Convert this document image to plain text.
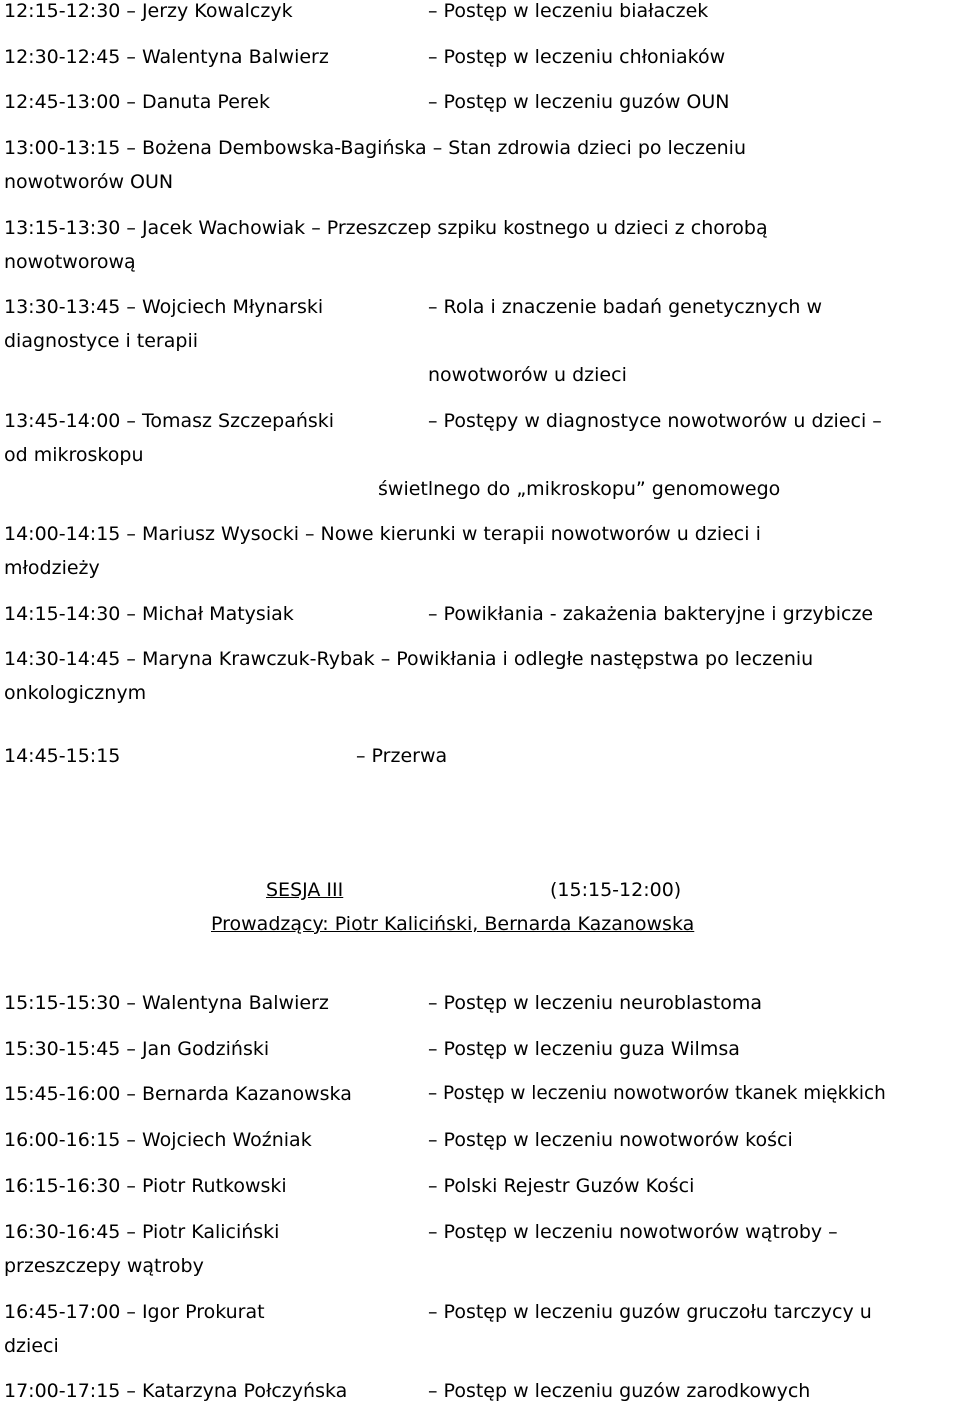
12:15-12:30 – Jerzy Kowalczyk	– Postęp w leczeniu białaczek
12:30-12:45 – Walentyna Balwierz	– Postęp w leczeniu chłoniaków
12:45-13:00 – Danuta Perek	– Postęp w leczeniu guzów OUN
13:00-13:15 – Bożena Dembowska-Bagińska – Stan zdrowia dzieci po leczeniu
nowotworów OUN
13:15-13:30 – Jacek Wachowiak – Przeszczep szpiku kostnego u dzieci z chorobą
nowotworową
13:30-13:45 – Wojciech Młynarski	– Rola i znaczenie badań genetycznych w
diagnostyce i terapii
nowotworów u dzieci
13:45-14:00 – Tomasz Szczepański	– Postępy w diagnostyce nowotworów u dzieci –
od mikroskopu
świetlnego do „mikroskopu” genomowego
14:00-14:15 – Mariusz Wysocki – Nowe kierunki w terapii nowotworów u dzieci i
młodzieży
14:15-14:30 – Michał Matysiak	– Powikłania - zakażenia bakteryjne i grzybicze
14:30-14:45 – Maryna Krawczuk-Rybak – Powikłania i odległe następstwa po leczeniu
onkologicznym
14:45-15:15	– Przerwa
SESJA III	(15:15-12:00)
Prowadzący: Piotr Kaliciński, Bernarda Kazanowska
15:15-15:30 – Walentyna Balwierz	– Postęp w leczeniu neuroblastoma
15:30-15:45 – Jan Godziński	– Postęp w leczeniu guza Wilmsa
15:45-16:00 – Bernarda Kazanowska	– Postęp w leczeniu nowotworów tkanek miękkich
16:00-16:15 – Wojciech Woźniak	– Postęp w leczeniu nowotworów kości
16:15-16:30 – Piotr Rutkowski	– Polski Rejestr Guzów Kości
16:30-16:45 – Piotr Kaliciński	– Postęp w leczeniu nowotworów wątroby –
przeszczepy wątroby
16:45-17:00 – Igor Prokurat	– Postęp w leczeniu guzów gruczołu tarczycy u
dzieci
17:00-17:15 – Katarzyna Połczyńska	– Postęp w leczeniu guzów zarodkowych
